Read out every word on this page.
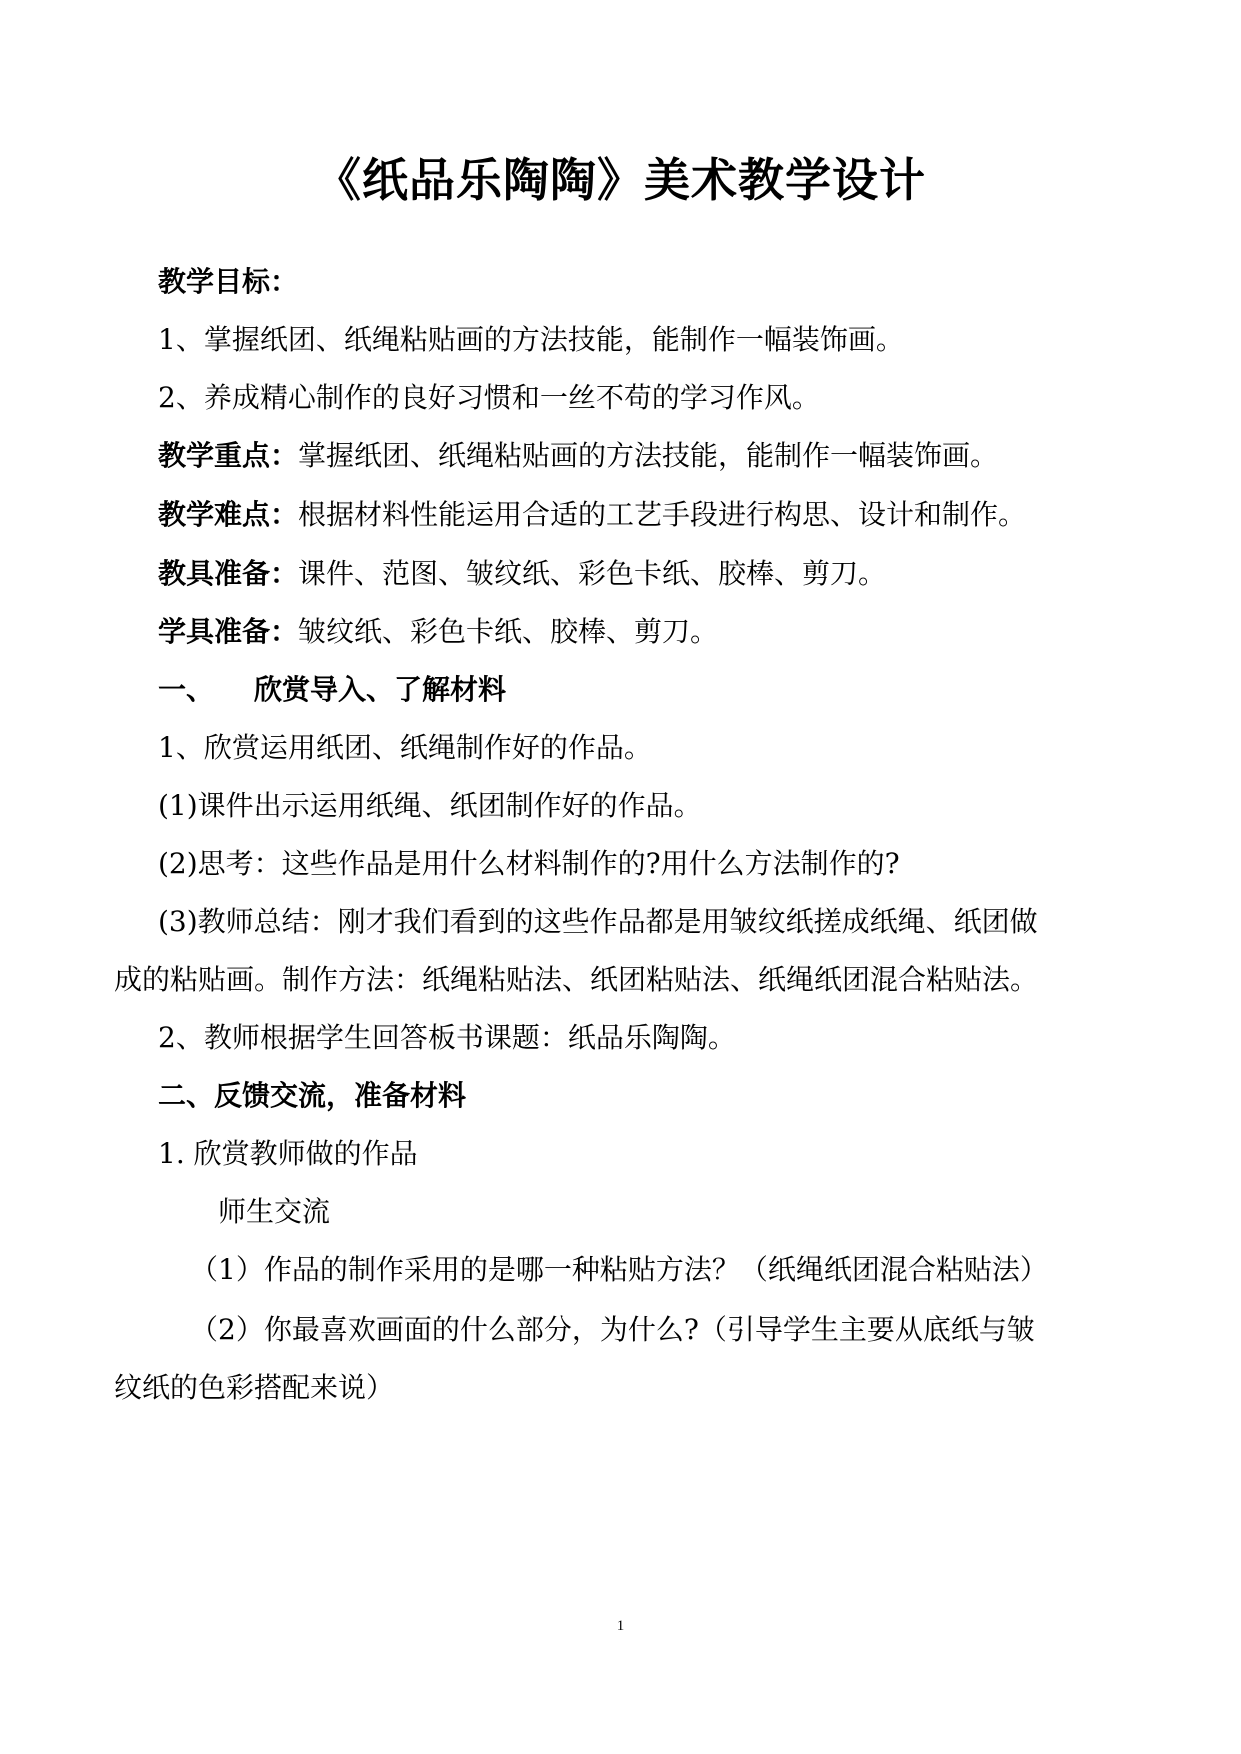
《纸品乐陶陶》美术教学设计
教学目标：
1、掌握纸团、纸绳粘贴画的方法技能，能制作一幅装饰画。
2、养成精心制作的良好习惯和一丝不苟的学习作风。
教学重点：掌握纸团、纸绳粘贴画的方法技能，能制作一幅装饰画。
教学难点：根据材料性能运用合适的工艺手段进行构思、设计和制作。
教具准备：课件、范图、皱纹纸、彩色卡纸、胶棒、剪刀。
学具准备：皱纹纸、彩色卡纸、胶棒、剪刀。
一、 欣赏导入、了解材料
1、欣赏运用纸团、纸绳制作好的作品。
(1)课件出示运用纸绳、纸团制作好的作品。
(2)思考：这些作品是用什么材料制作的?用什么方法制作的?
(3)教师总结：刚才我们看到的这些作品都是用皱纹纸搓成纸绳、纸团做
成的粘贴画。制作方法：纸绳粘贴法、纸团粘贴法、纸绳纸团混合粘贴法。
2、教师根据学生回答板书课题：纸品乐陶陶。
二、反馈交流，准备材料
1. 欣赏教师做的作品
师生交流
（1）作品的制作采用的是哪一种粘贴方法？（纸绳纸团混合粘贴法）
（2）你最喜欢画面的什么部分，为什么?（引导学生主要从底纸与皱
纹纸的色彩搭配来说）
1
